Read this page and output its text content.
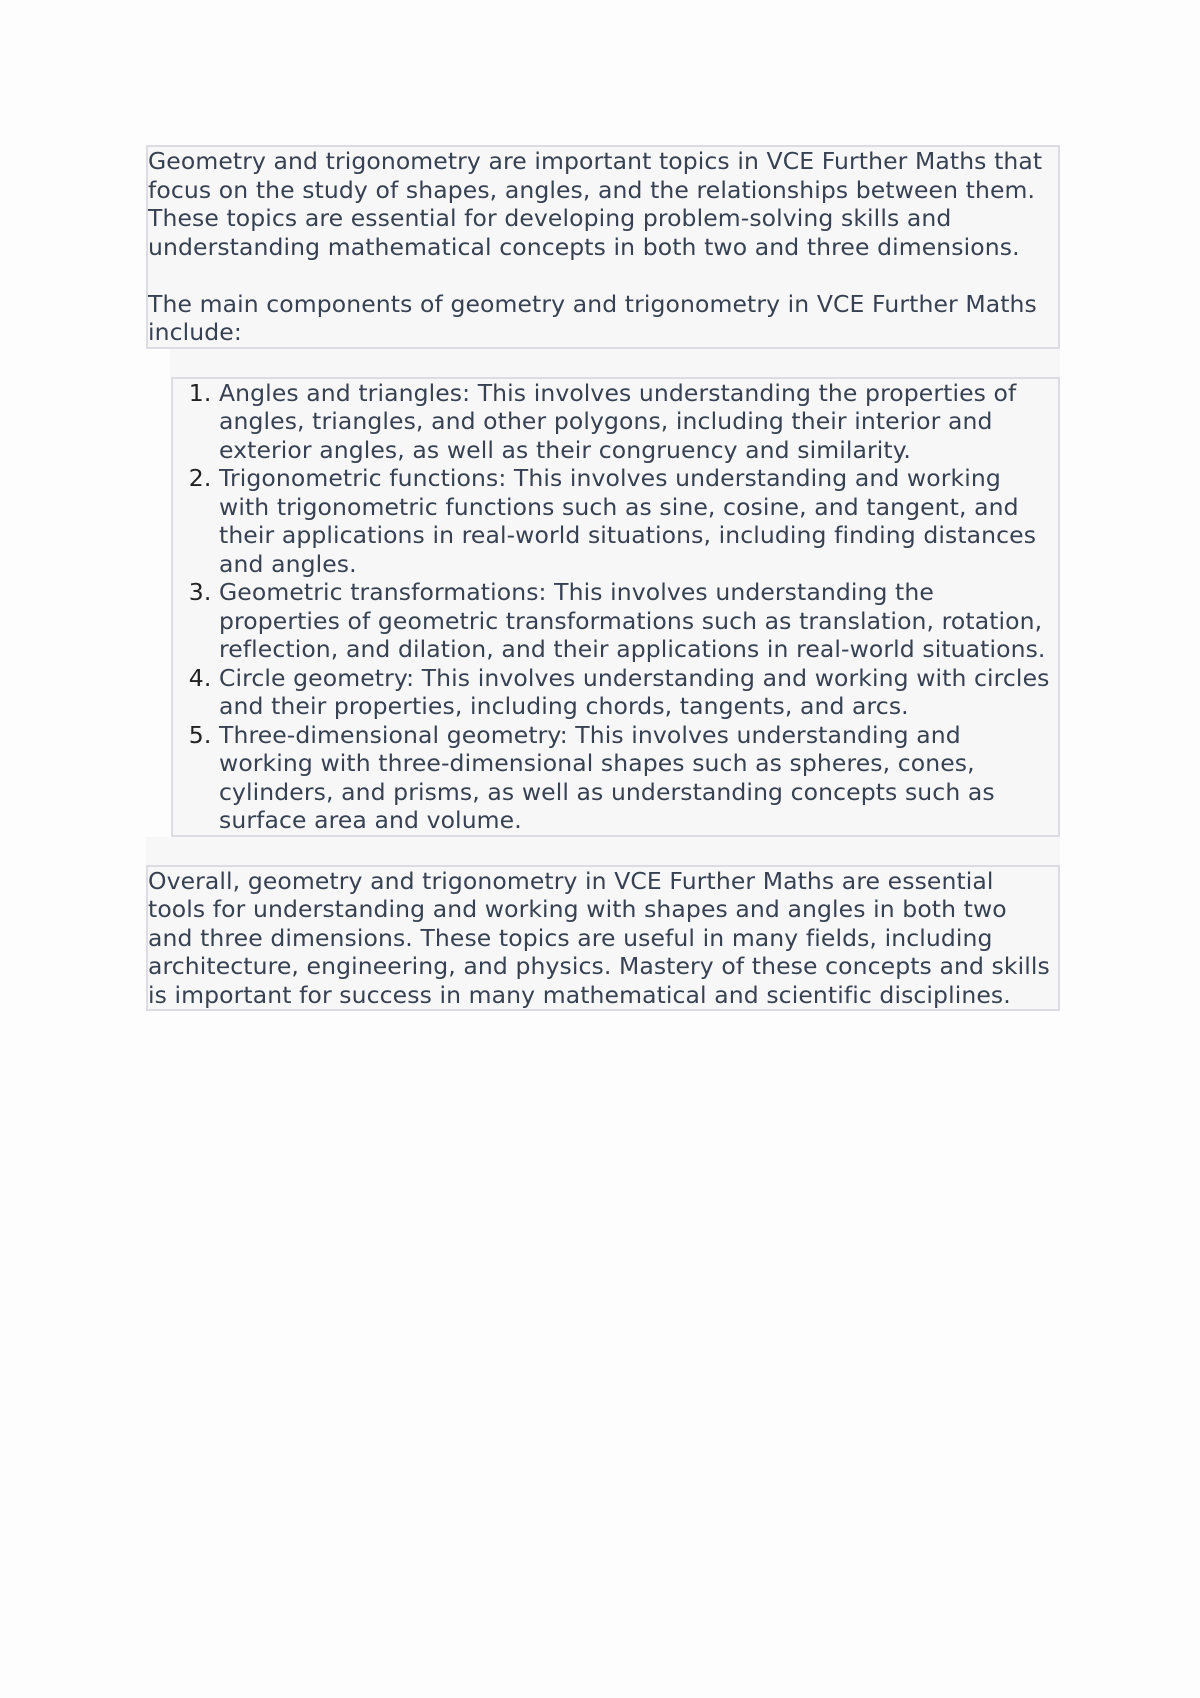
Geometry and trigonometry are important topics in VCE Further Maths that focus on the study of shapes, angles, and the relationships between them. These topics are essential for developing problem-solving skills and understanding mathematical concepts in both two and three dimensions.

The main components of geometry and trigonometry in VCE Further Maths include:

1. Angles and triangles: This involves understanding the properties of angles, triangles, and other polygons, including their interior and exterior angles, as well as their congruency and similarity.
2. Trigonometric functions: This involves understanding and working with trigonometric functions such as sine, cosine, and tangent, and their applications in real-world situations, including finding distances and angles.
3. Geometric transformations: This involves understanding the properties of geometric transformations such as translation, rotation, reflection, and dilation, and their applications in real-world situations.
4. Circle geometry: This involves understanding and working with circles and their properties, including chords, tangents, and arcs.
5. Three-dimensional geometry: This involves understanding and working with three-dimensional shapes such as spheres, cones, cylinders, and prisms, as well as understanding concepts such as surface area and volume.

Overall, geometry and trigonometry in VCE Further Maths are essential tools for understanding and working with shapes and angles in both two and three dimensions. These topics are useful in many fields, including architecture, engineering, and physics. Mastery of these concepts and skills is important for success in many mathematical and scientific disciplines.
